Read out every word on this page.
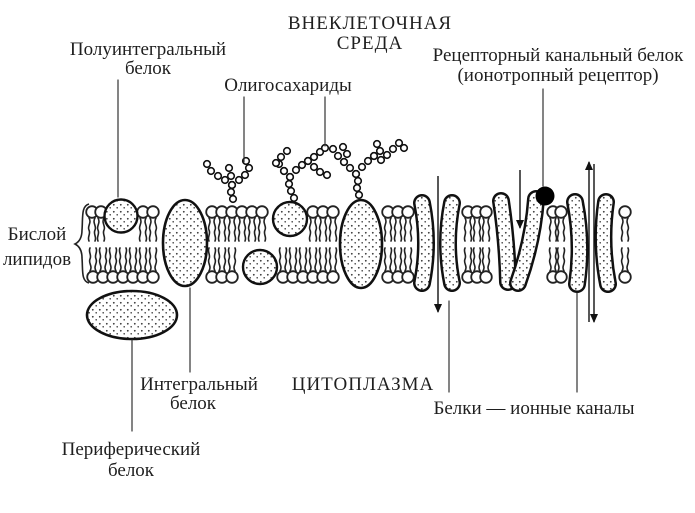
ВНЕКЛЕТОЧНАЯ
СРЕДА
Полуинтегральный
белок
Олигосахариды
Рецепторный канальный белок
(ионотропный рецептор)
Бислой
липидов
Интегральный
белок
ЦИТОПЛАЗМА
Белки — ионные каналы
Периферический
белок
